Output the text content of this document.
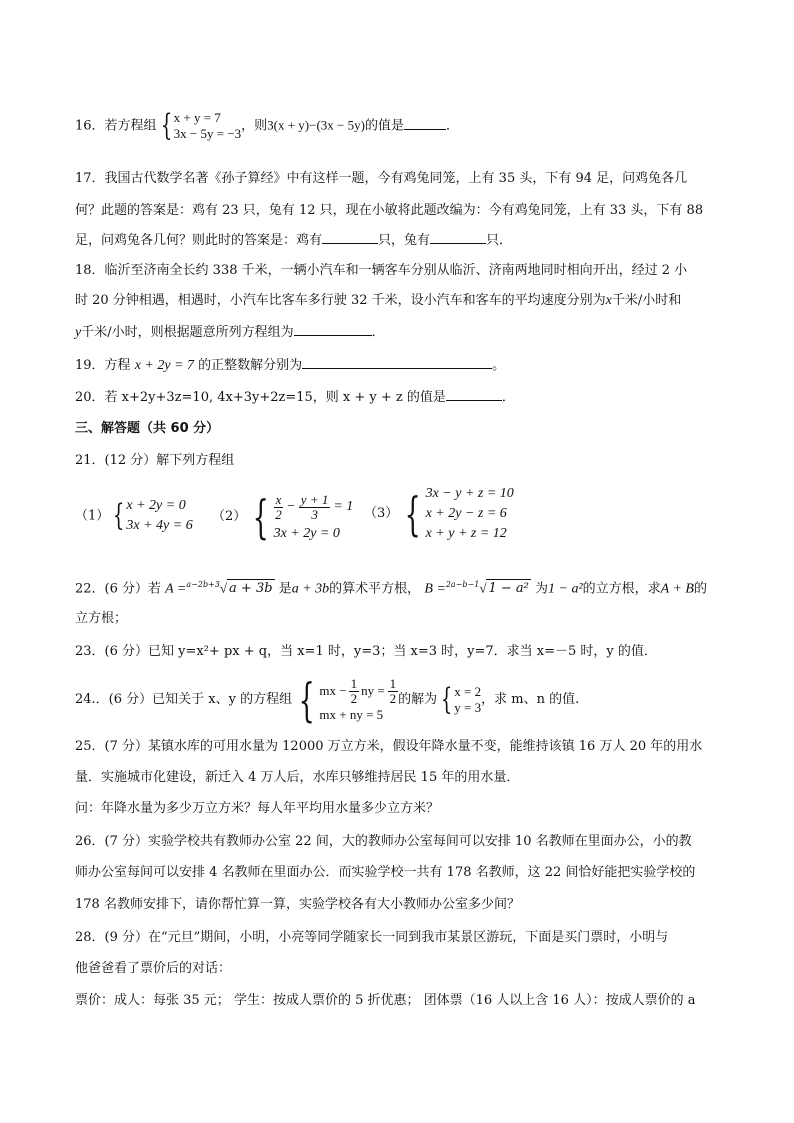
16．若方程组 { x + y = 7
3x − 5y = −3
，则3(x + y)−(3x − 5y)的值是	．
17．我国古代数学名著《孙子算经》中有这样一题，今有鸡兔同笼，上有 35 头，下有 94 足，问鸡兔各几
何？此题的答案是：鸡有 23 只，兔有 12 只，现在小敏将此题改编为：今有鸡兔同笼，上有 33 头，下有 88
足，问鸡兔各几何？则此时的答案是：鸡有	只，兔有	只．
18．临沂至济南全长约 338 千米，一辆小汽车和一辆客车分别从临沂、济南两地同时相向开出，经过 2 小
时 20 分钟相遇，相遇时，小汽车比客车多行驶 32 千米，设小汽车和客车的平均速度分别为x千米/小时和
y千米/小时，则根据题意所列方程组为	．
19．方程 x + 2y = 7 的正整数解分别为	。
20．若 x+2y+3z=10, 4x+3y+2z=15，则 x + y + z 的值是	．
三、解答题（共 60 分）
21．(12 分）解下列方程组
（1） { x + 2y = 0
3x + 4y = 6
（2） { $\frac{x}{2} - \frac{y + 1}{3} = 1$
3x + 2y = 0
（3） { 3x − y + z = 10
x + 2y − z = 6
x + y + z = 12
22．(6 分）若 A =$^{a-2b+3}$√ a + 3b 是a + 3b的算术平方根， B =$^{2a-b-1}$√ 1 − a² 为1 − a²的立方根，求A + B的
立方根；
23．(6 分）已知 y=x²+ px + q，当 x=1 时，y=3；当 x=3 时，y=7．求当 x=－5 时，y 的值．
24.．(6 分）已知关于 x、y 的方程组 { mx − $\frac{1}{2}$ ny = $\frac{1}{2}$
mx + ny = 5
的解为 { x = 2
y = 3
，求 m、n 的值.
25．(7 分）某镇水库的可用水量为 12000 万立方米，假设年降水量不变，能维持该镇 16 万人 20 年的用水
量．实施城市化建设，新迁入 4 万人后，水库只够维持居民 15 年的用水量．
问：年降水量为多少万立方米？每人年平均用水量多少立方米？
26．(7 分）实验学校共有教师办公室 22 间，大的教师办公室每间可以安排 10 名教师在里面办公，小的教
师办公室每间可以安排 4 名教师在里面办公．而实验学校一共有 178 名教师，这 22 间恰好能把实验学校的
178 名教师安排下，请你帮忙算一算，实验学校各有大小教师办公室多少间？
28．(9 分）在“元旦”期间，小明，小亮等同学随家长一同到我市某景区游玩，下面是买门票时，小明与
他爸爸看了票价后的对话：
票价：成人：每张 35 元； 学生：按成人票价的 5 折优惠； 团体票（16 人以上含 16 人）：按成人票价的 a
